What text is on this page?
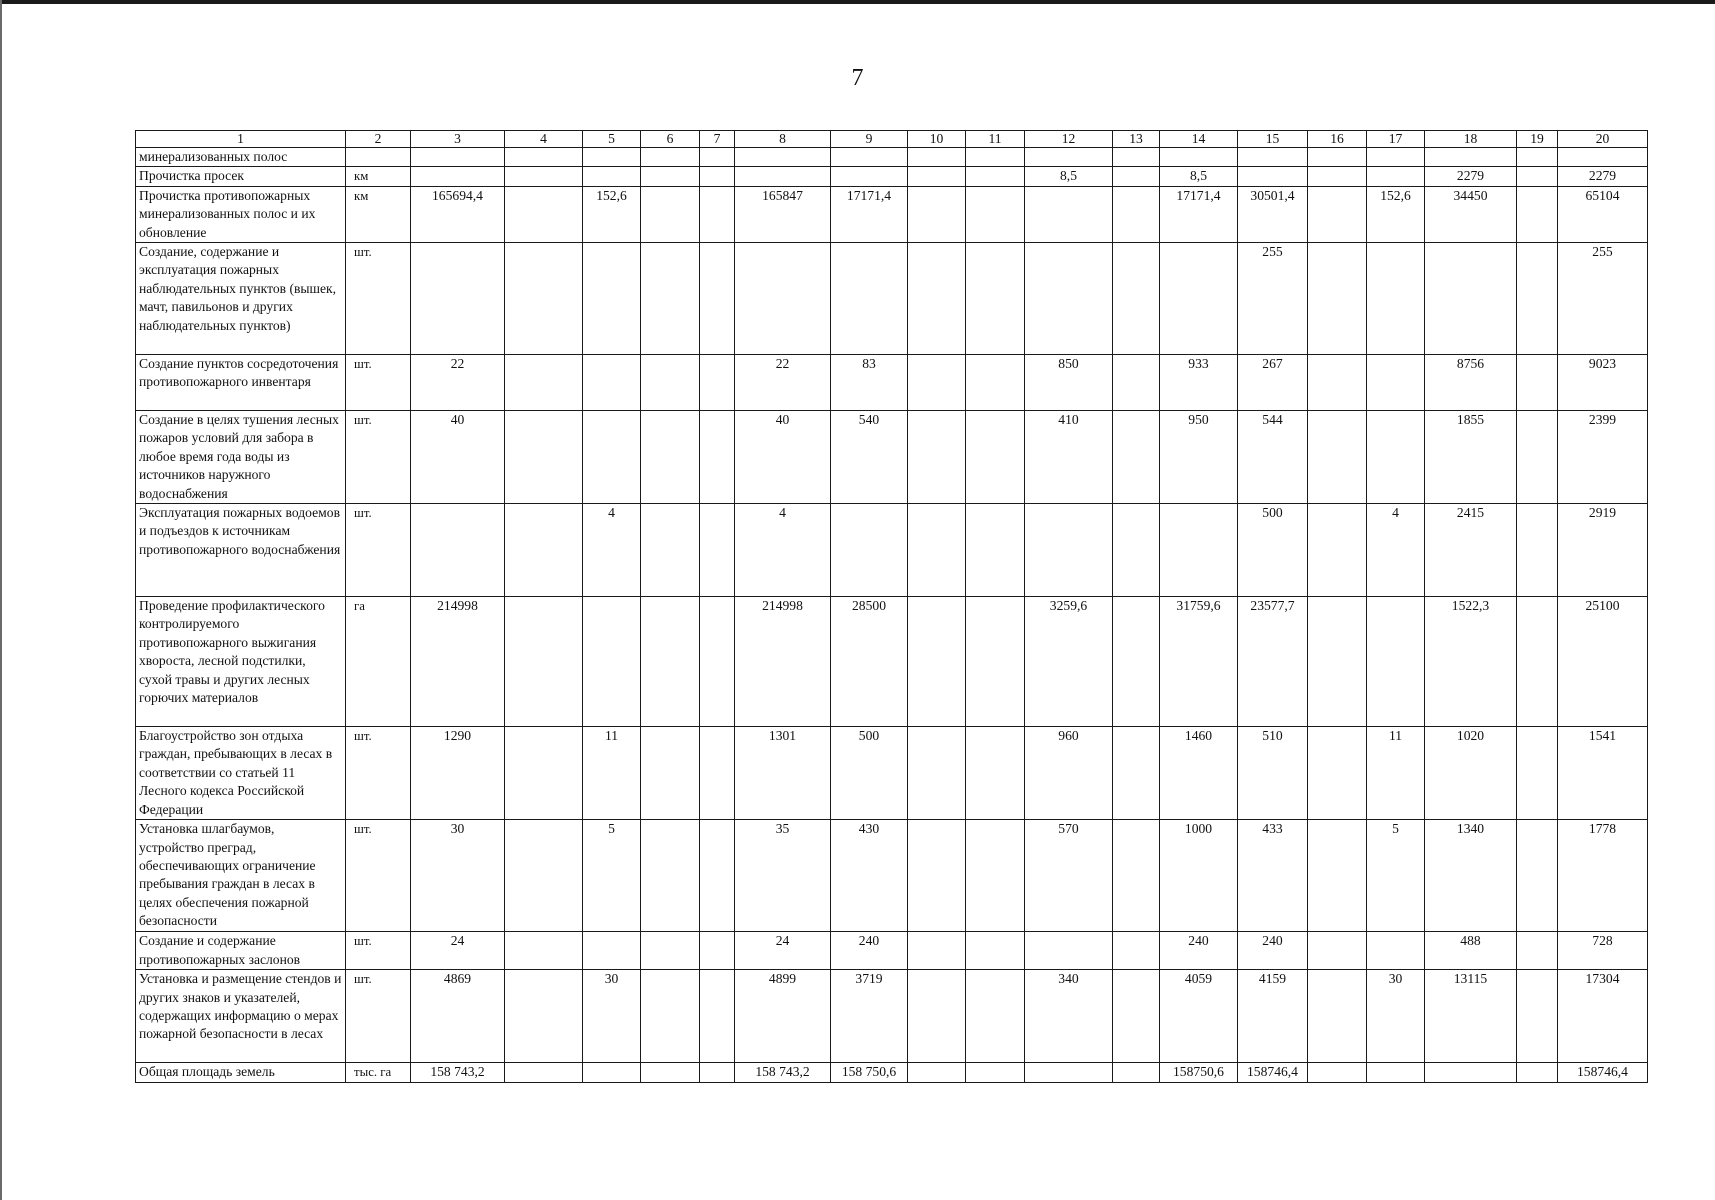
7
1	2	3	4	5	6	7	8	9	10	11	12	13	14	15	16	17	18	19	20
минерализованных полос																			
Прочистка просек	км										8,5		8,5				2279		2279
Прочистка противопожарных минерализованных полос и их обновление	км	165694,4		152,6			165847	17171,4					17171,4	30501,4		152,6	34450		65104
Создание, содержание и эксплуатация пожарных наблюдательных пунктов (вышек, мачт, павильонов и других наблюдательных пунктов)	шт.													255					255
Создание пунктов сосредоточения противопожарного инвентаря	шт.	22					22	83			850		933	267			8756		9023
Создание в целях тушения лесных пожаров условий для забора в любое время года воды из источников наружного водоснабжения	шт.	40					40	540			410		950	544			1855		2399
Эксплуатация пожарных водоемов и подъездов к источникам противопожарного водоснабжения	шт.			4			4							500		4	2415		2919
Проведение профилактического контролируемого противопожарного выжигания хвороста, лесной подстилки, сухой травы и других лесных горючих материалов	га	214998					214998	28500			3259,6		31759,6	23577,7			1522,3		25100
Благоустройство зон отдыха граждан, пребывающих в лесах в соответствии со статьей 11 Лесного кодекса Российской Федерации	шт.	1290		11			1301	500			960		1460	510		11	1020		1541
Установка шлагбаумов, устройство преград, обеспечивающих ограничение пребывания граждан в лесах в целях обеспечения пожарной безопасности	шт.	30		5			35	430			570		1000	433		5	1340		1778
Создание и содержание противопожарных заслонов	шт.	24					24	240					240	240			488		728
Установка и размещение стендов и других знаков и указателей, содержащих информацию о мерах пожарной безопасности в лесах	шт.	4869		30			4899	3719			340		4059	4159		30	13115		17304
Общая площадь земель	тыс. га	158 743,2					158 743,2	158 750,6					158750,6	158746,4					158746,4
